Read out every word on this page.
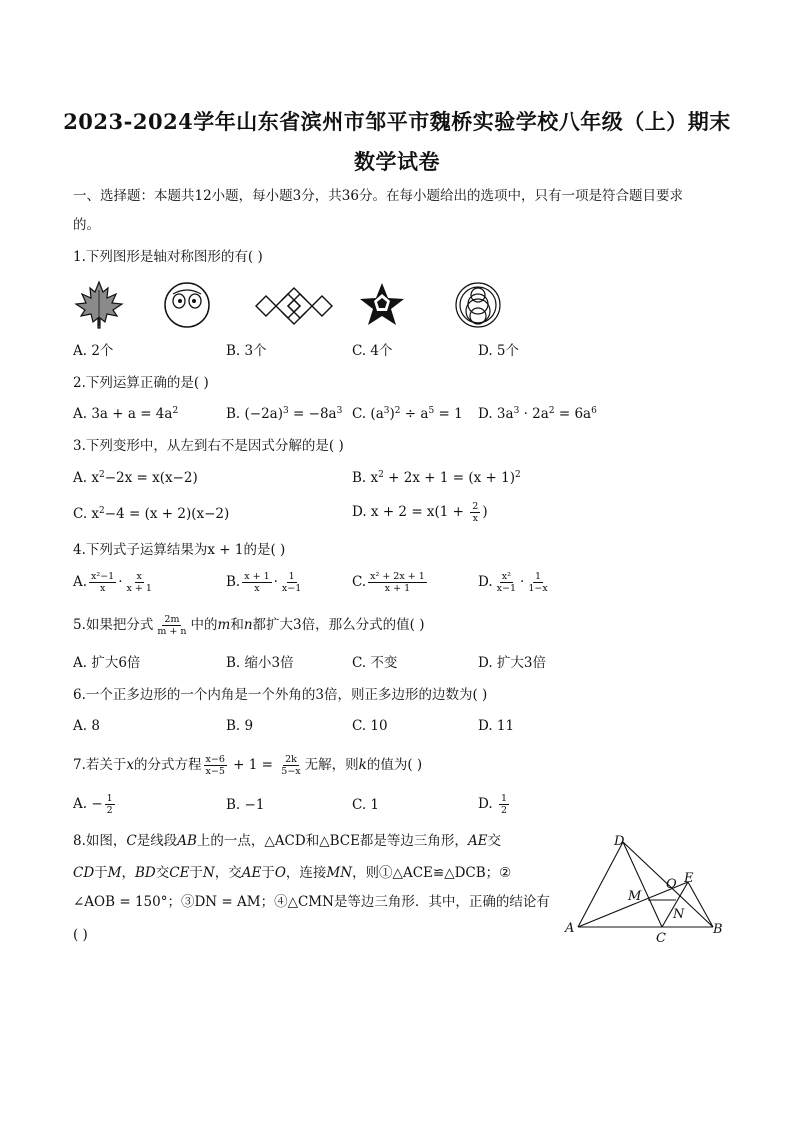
2023-2024学年山东省滨州市邹平市魏桥实验学校八年级（上）期末
数学试卷
一、选择题：本题共12小题，每小题3分，共36分。在每小题给出的选项中，只有一项是符合题目要求
的。
1.下列图形是轴对称图形的有( )
A. 2个	B. 3个	C. 4个	D. 5个
2.下列运算正确的是( )
A. $3a + a = 4a^2$	B. $(-2a)^3 = -8a^3$ C. $(a^3)^2 \div a^5 = 1$ D. $3a^3 \cdot 2a^2 = 6a^6$
3.下列变形中，从左到右不是因式分解的是( )
A. $x^2-2x = x(x-2)$	B. $x^2 + 2x + 1 = (x + 1)^2$
C. $x^2-4 = (x + 2)(x-2)$	D. $x + 2 = x(1 + \frac{2}{x}$ )
4.下列式子运算结果为x + 1的是( )
A. $\frac{\text{x²−1}}{x} \cdot \frac{x}{x + 1}$	B. $\frac{x + 1}{x} \cdot \frac{1}{x-1}$	C. $\frac{\text{x² + 2x + 1}}{x + 1}$	D. $\frac{\text{x²}}{x-1} \cdot \frac{1}{1-x}$
5.如果把分式 $\frac{2m}{m + n}$ 中的m和n都扩大3倍，那么分式的值( )
A. 扩大6倍	B. 缩小3倍	C. 不变	D. 扩大3倍
6.一个正多边形的一个内角是一个外角的3倍，则正多边形的边数为( )
A. 8	B. 9	C. 10	D. 11
7.若关于x的分式方程 $\frac{x-6}{x-5} + 1 = \frac{2k}{5-x}$ 无解，则k的值为( )
A. − $\frac{1}{2}$	B. −1	C. 1	D. $\frac{1}{2}$
8.如图，C是线段AB上的一点，△ACD和△BCE都是等边三角形，AE交
CD于M，BD交CE于N，交AE于O，连接MN，则①△ACE≌△DCB；②
∠AOB = 150°；③DN = AM；④△CMN是等边三角形．其中，正确的结论有
( )
D
E
O
M
N
A
C
B
